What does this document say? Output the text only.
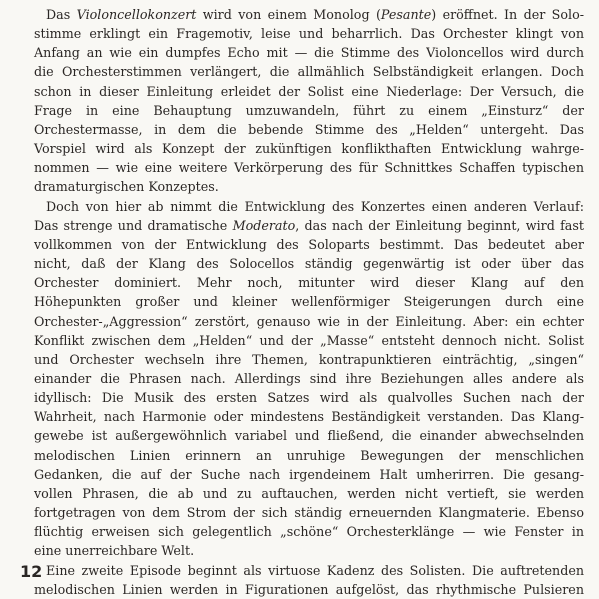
Das Violoncellokonzert wird von einem Monolog (Pesante) eröffnet. In der Solo-
stimme erklingt ein Fragemotiv, leise und beharrlich. Das Orchester klingt von
Anfang an wie ein dumpfes Echo mit — die Stimme des Violoncellos wird durch
die Orchesterstimmen verlängert, die allmählich Selbständigkeit erlangen. Doch
schon in dieser Einleitung erleidet der Solist eine Niederlage: Der Versuch, die
Frage in eine Behauptung umzuwandeln, führt zu einem „Einsturz“ der
Orchestermasse, in dem die bebende Stimme des „Helden“ untergeht. Das
Vorspiel wird als Konzept der zukünftigen konflikthaften Entwicklung wahrge-
nommen — wie eine weitere Verkörperung des für Schnittkes Schaffen typischen
dramaturgischen Konzeptes.
Doch von hier ab nimmt die Entwicklung des Konzertes einen anderen Verlauf:
Das strenge und dramatische Moderato, das nach der Einleitung beginnt, wird fast
vollkommen von der Entwicklung des Soloparts bestimmt. Das bedeutet aber
nicht, daß der Klang des Solocellos ständig gegenwärtig ist oder über das
Orchester dominiert. Mehr noch, mitunter wird dieser Klang auf den
Höhepunkten großer und kleiner wellenförmiger Steigerungen durch eine
Orchester-„Aggression“ zerstört, genauso wie in der Einleitung. Aber: ein echter
Konflikt zwischen dem „Helden“ und der „Masse“ entsteht dennoch nicht. Solist
und Orchester wechseln ihre Themen, kontrapunktieren einträchtig, „singen“
einander die Phrasen nach. Allerdings sind ihre Beziehungen alles andere als
idyllisch: Die Musik des ersten Satzes wird als qualvolles Suchen nach der
Wahrheit, nach Harmonie oder mindestens Beständigkeit verstanden. Das Klang-
gewebe ist außergewöhnlich variabel und fließend, die einander abwechselnden
melodischen Linien erinnern an unruhige Bewegungen der menschlichen
Gedanken, die auf der Suche nach irgendeinem Halt umherirren. Die gesang-
vollen Phrasen, die ab und zu auftauchen, werden nicht vertieft, sie werden
fortgetragen von dem Strom der sich ständig erneuernden Klangmaterie. Ebenso
flüchtig erweisen sich gelegentlich „schöne“ Orchesterklänge — wie Fenster in
eine unerreichbare Welt.
Eine zweite Episode beginnt als virtuose Kadenz des Solisten. Die auftretenden
melodischen Linien werden in Figurationen aufgelöst, das rhythmische Pulsieren
12
